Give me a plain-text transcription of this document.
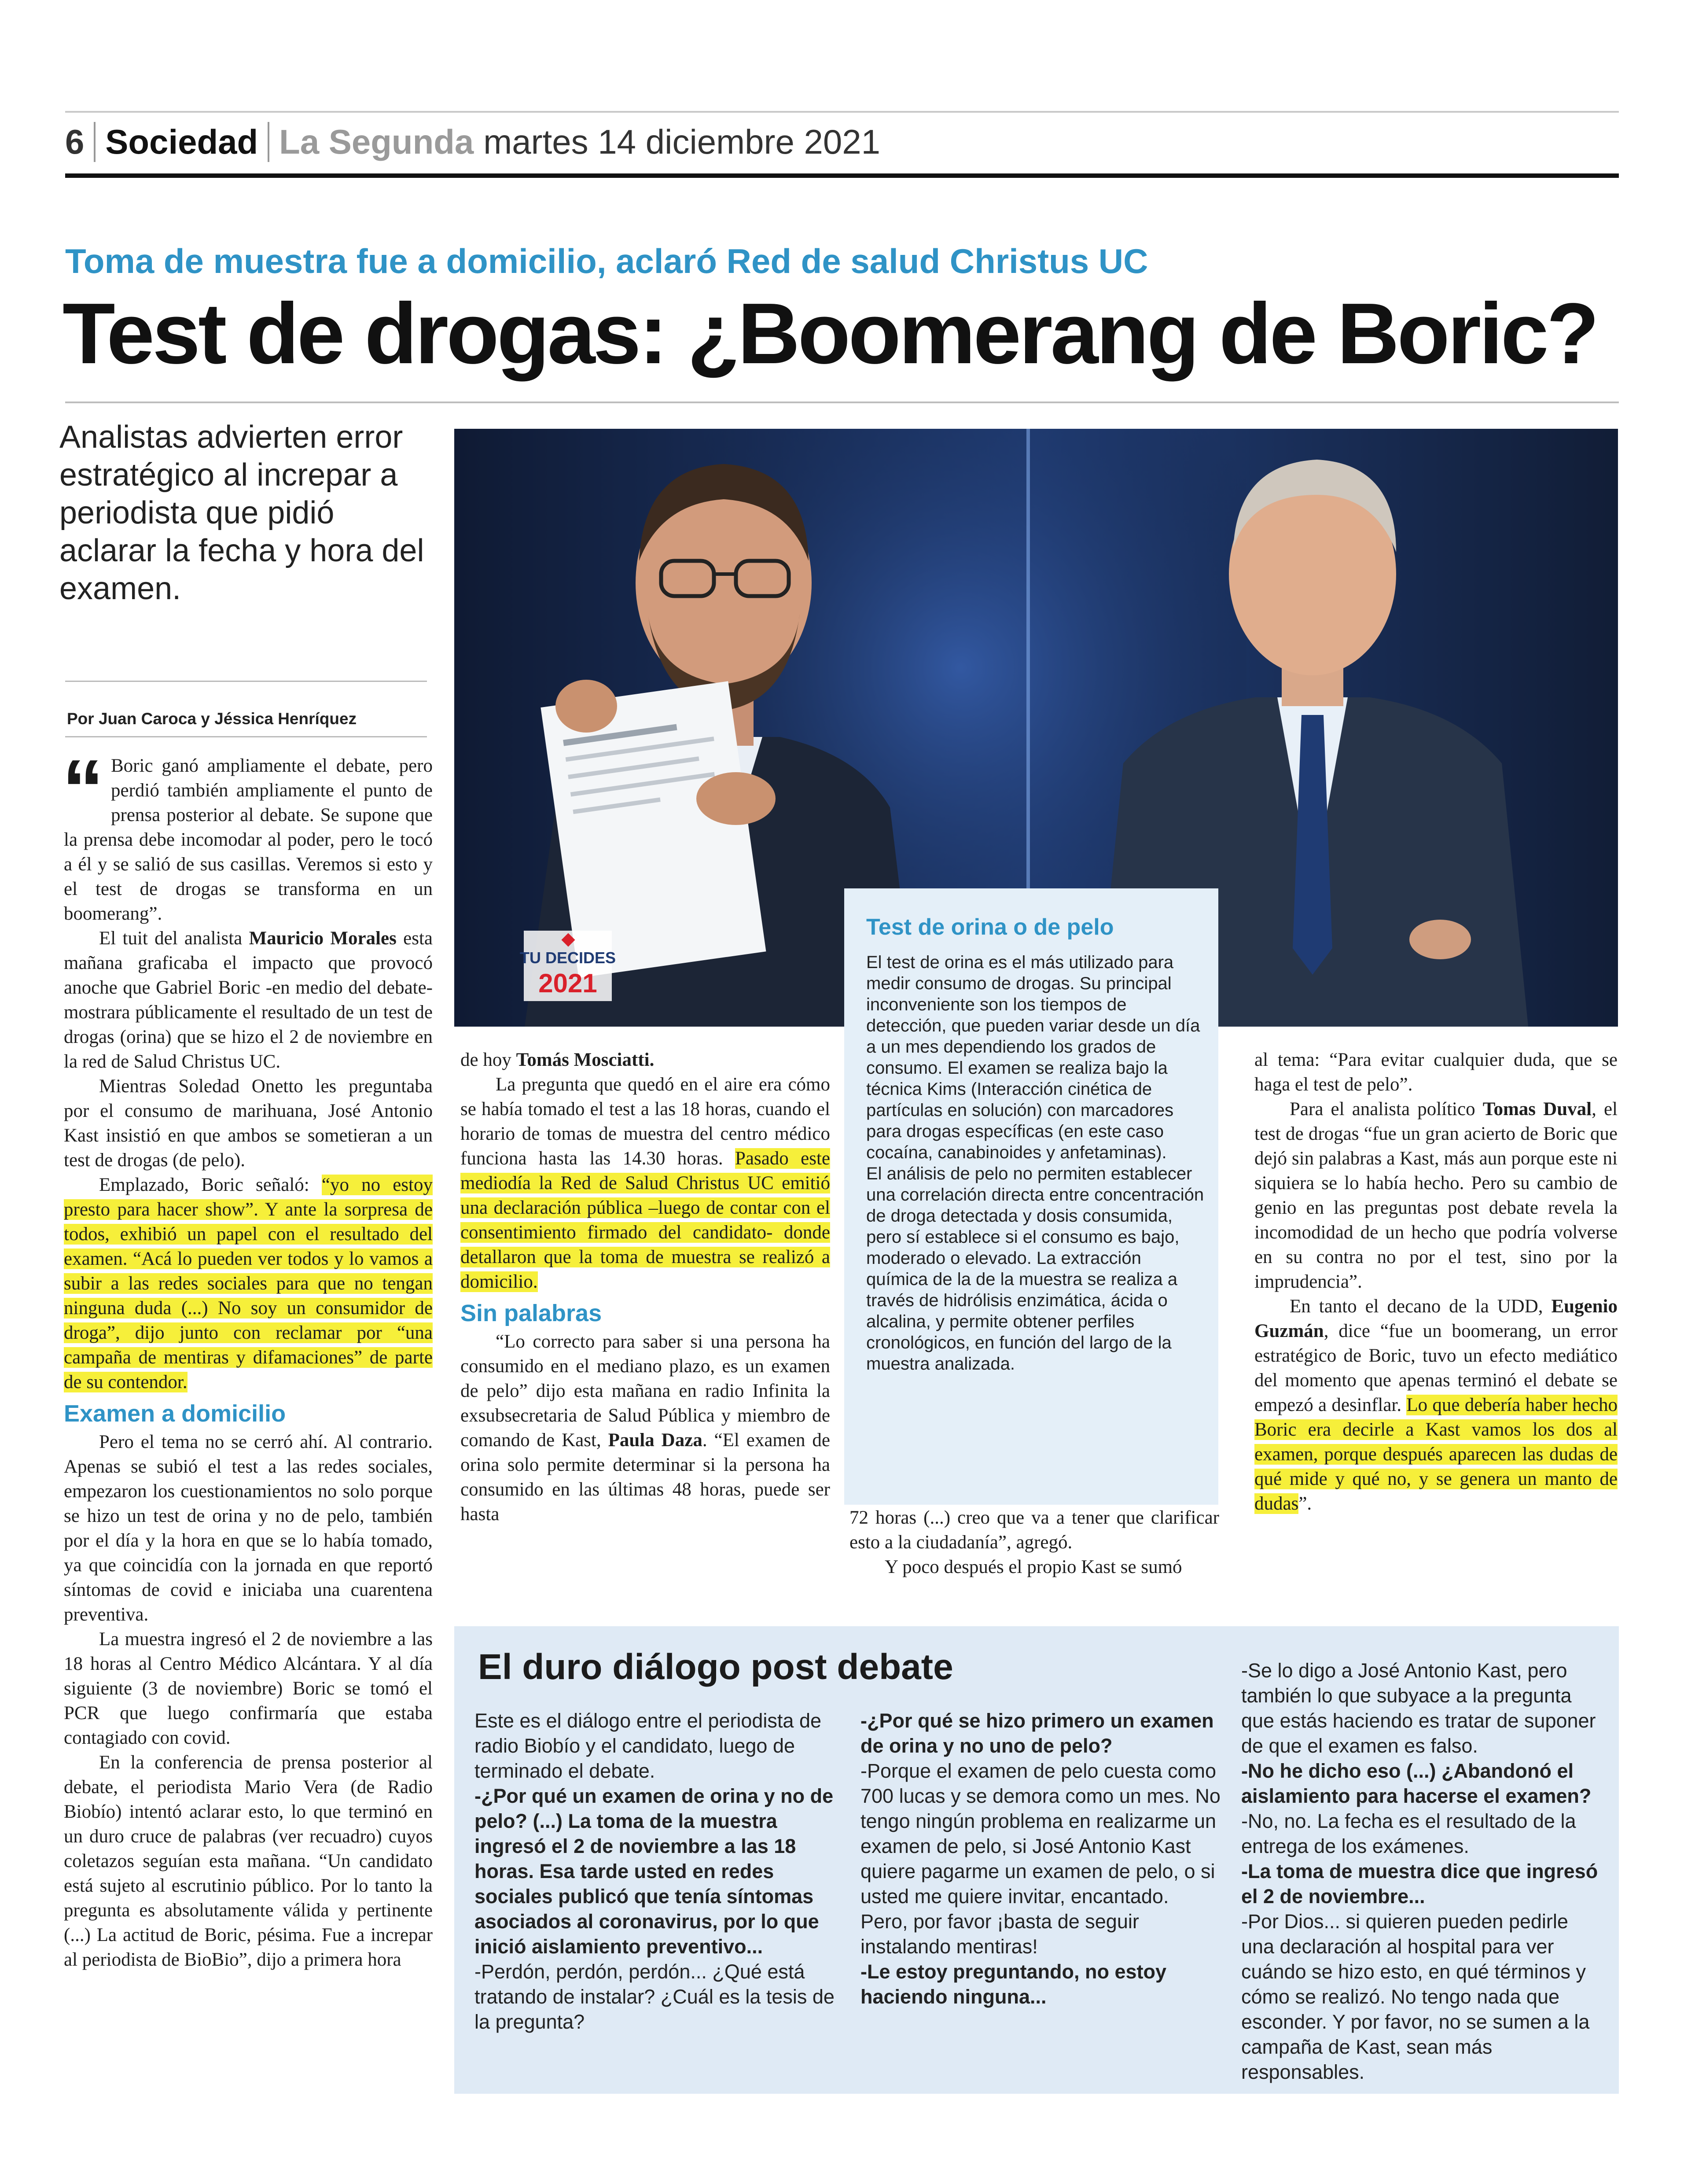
6 Sociedad La Segunda martes 14 diciembre 2021
Toma de muestra fue a domicilio, aclaró Red de salud Christus UC
Test de drogas: ¿Boomerang de Boric?
Analistas advierten error estratégico al increpar a periodista que pidió aclarar la fecha y hora del examen.
Por Juan Caroca y Jéssica Henríquez

“ Boric ganó ampliamente el debate, pero perdió también ampliamente el punto de prensa posterior al debate. Se supone que la prensa debe incomodar al poder, pero le tocó a él y se salió de sus casillas. Veremos si esto y el test de drogas se transforma en un boomerang”.

El tuit del analista Mauricio Morales esta mañana graficaba el impacto que provocó anoche que Gabriel Boric -en medio del debate- mostrara públicamente el resultado de un test de drogas (orina) que se hizo el 2 de noviembre en la red de Salud Christus UC.

Mientras Soledad Onetto les preguntaba por el consumo de marihuana, José Antonio Kast insistió en que ambos se sometieran a un test de drogas (de pelo).

Emplazado, Boric señaló: “yo no estoy presto para hacer show”. Y ante la sorpresa de todos, exhibió un papel con el resultado del examen. “Acá lo pueden ver todos y lo vamos a subir a las redes sociales para que no tengan ninguna duda (...) No soy un consumidor de droga”, dijo junto con reclamar por “una campaña de mentiras y difamaciones” de parte de su contendor.

Examen a domicilio

Pero el tema no se cerró ahí. Al contrario. Apenas se subió el test a las redes sociales, empezaron los cuestionamientos no solo porque se hizo un test de orina y no de pelo, también por el día y la hora en que se lo había tomado, ya que coincidía con la jornada en que reportó síntomas de covid e iniciaba una cuarentena preventiva.

La muestra ingresó el 2 de noviembre a las 18 horas al Centro Médico Alcántara. Y al día siguiente (3 de noviembre) Boric se tomó el PCR que luego confirmaría que estaba contagiado con covid.

En la conferencia de prensa posterior al debate, el periodista Mario Vera (de Radio Biobío) intentó aclarar esto, lo que terminó en un duro cruce de palabras (ver recuadro) cuyos coletazos seguían esta mañana. “Un candidato está sujeto al escrutinio público. Por lo tanto la pregunta es absolutamente válida y pertinente (...) La actitud de Boric, pésima. Fue a increpar al periodista de BioBio”, dijo a primera hora

TU DECIDES
2021
Test de orina o de pelo
El test de orina es el más utilizado para medir consumo de drogas. Su principal inconveniente son los tiempos de detección, que pueden variar desde un día a un mes dependiendo los grados de consumo. El examen se realiza bajo la técnica Kims (Interacción cinética de partículas en solución) con marcadores para drogas específicas (en este caso cocaína, canabinoides y anfetaminas).
El análisis de pelo no permiten establecer una correlación directa entre concentración de droga detectada y dosis consumida, pero sí establece si el consumo es bajo, moderado o elevado. La extracción química de la de la muestra se realiza a través de hidrólisis enzimática, ácida o alcalina, y permite obtener perfiles cronológicos, en función del largo de la muestra analizada.

de hoy Tomás Mosciatti.

La pregunta que quedó en el aire era cómo se había tomado el test a las 18 horas, cuando el horario de tomas de muestra del centro médico funciona hasta las 14.30 horas. Pasado este mediodía la Red de Salud Christus UC emitió una declaración pública –luego de contar con el consentimiento firmado del candidato- donde detallaron que la toma de muestra se realizó a domicilio.

Sin palabras

“Lo correcto para saber si una persona ha consumido en el mediano plazo, es un examen de pelo” dijo esta mañana en radio Infinita la exsubsecretaria de Salud Pública y miembro de comando de Kast, Paula Daza. “El examen de orina solo permite determinar si la persona ha consumido en las últimas 48 horas, puede ser hasta	72 horas (...) creo que va a tener que clarificar esto a la ciudadanía”, agregó.

Y poco después el propio Kast se sumó

al tema: “Para evitar cualquier duda, que se haga el test de pelo”.

Para el analista político Tomas Duval, el test de drogas “fue un gran acierto de Boric que dejó sin palabras a Kast, más aun porque este ni siquiera se lo había hecho. Pero su cambio de genio en las preguntas post debate revela la incomodidad de un hecho que podría volverse en su contra no por el test, sino por la imprudencia”.

En tanto el decano de la UDD, Eugenio Guzmán, dice “fue un boomerang, un error estratégico de Boric, tuvo un efecto mediático del momento que apenas terminó el debate se empezó a desinflar. Lo que debería haber hecho Boric era decirle a Kast vamos los dos al examen, porque después aparecen las dudas de qué mide y qué no, y se genera un manto de dudas”.

El duro diálogo post debate
Este es el diálogo entre el periodista de radio Biobío y el candidato, luego de terminado el debate.
-¿Por qué un examen de orina y no de pelo? (...) La toma de la muestra ingresó el 2 de noviembre a las 18 horas. Esa tarde usted en redes sociales publicó que tenía síntomas asociados al coronavirus, por lo que inició aislamiento preventivo...
-Perdón, perdón, perdón... ¿Qué está tratando de instalar? ¿Cuál es la tesis de la pregunta?
-¿Por qué se hizo primero un examen de orina y no uno de pelo?
-Porque el examen de pelo cuesta como 700 lucas y se demora como un mes. No tengo ningún problema en realizarme un examen de pelo, si José Antonio Kast quiere pagarme un examen de pelo, o si usted me quiere invitar, encantado. Pero, por favor ¡basta de seguir instalando mentiras!
-Le estoy preguntando, no estoy haciendo ninguna...
-Se lo digo a José Antonio Kast, pero también lo que subyace a la pregunta que estás haciendo es tratar de suponer de que el examen es falso.
-No he dicho eso (...) ¿Abandonó el aislamiento para hacerse el examen?
-No, no. La fecha es el resultado de la entrega de los exámenes.
-La toma de muestra dice que ingresó el 2 de noviembre...
-Por Dios... si quieren pueden pedirle una declaración al hospital para ver cuándo se hizo esto, en qué términos y cómo se realizó. No tengo nada que esconder. Y por favor, no se sumen a la campaña de Kast, sean más responsables.
